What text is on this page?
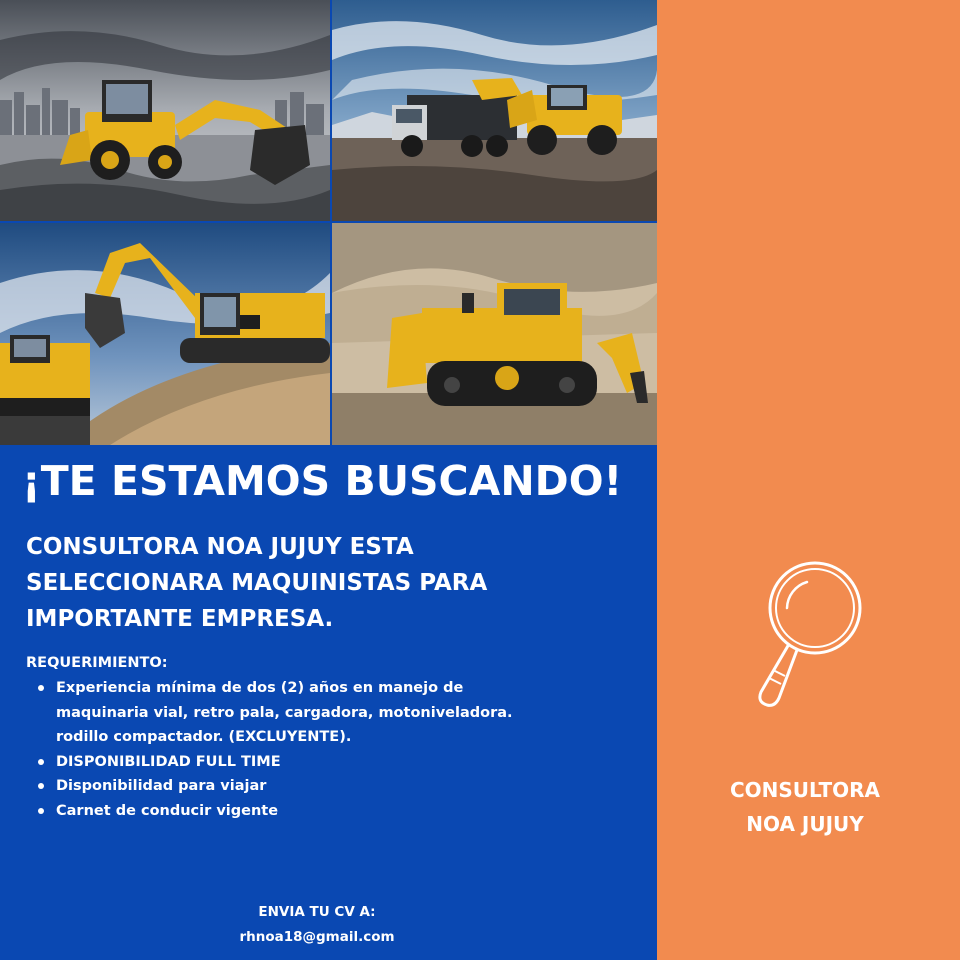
¡TE ESTAMOS BUSCANDO!
CONSULTORA NOA JUJUY ESTA
SELECCIONARA MAQUINISTAS PARA
IMPORTANTE EMPRESA.
REQUERIMIENTO:
Experiencia mínima de dos (2) años en manejo de
maquinaria vial, retro pala, cargadora, motoniveladora.
rodillo compactador. (EXCLUYENTE).
DISPONIBILIDAD FULL TIME
Disponibilidad para viajar
Carnet de conducir vigente
ENVIA TU CV A:
rhnoa18@gmail.com
CONSULTORA
NOA JUJUY
